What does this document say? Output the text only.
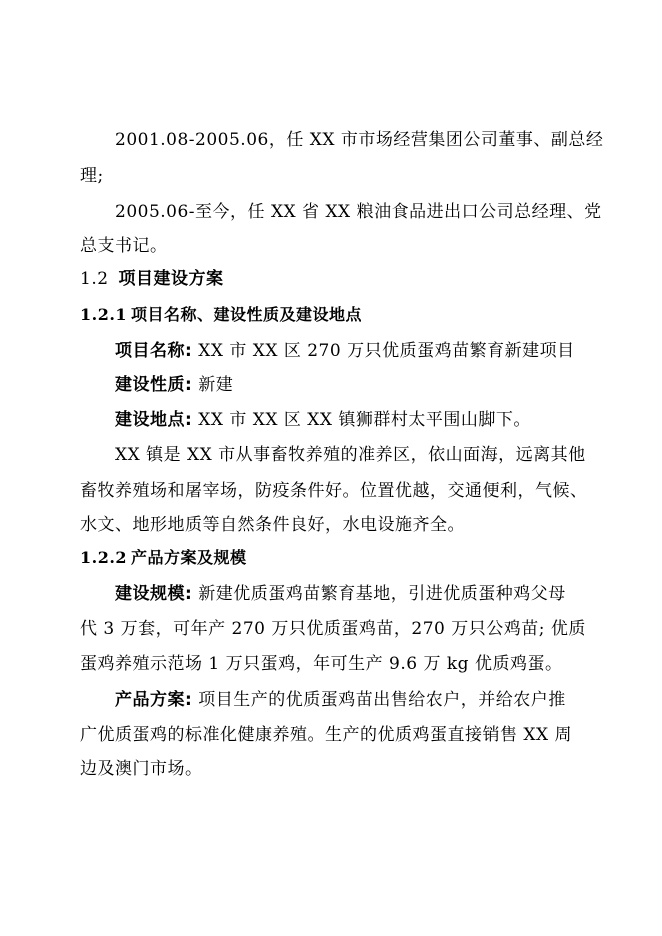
2001.08-2005.06，任 XX 市市场经营集团公司董事、副总经
理;
2005.06-至今，任 XX 省 XX 粮油食品进出口公司总经理、党
总支书记。
1.2 项目建设方案
1.2.1 项目名称、建设性质及建设地点
项目名称: XX 市 XX 区 270 万只优质蛋鸡苗繁育新建项目
建设性质: 新建
建设地点: XX 市 XX 区 XX 镇狮群村太平围山脚下。
XX 镇是 XX 市从事畜牧养殖的准养区，依山面海，远离其他
畜牧养殖场和屠宰场，防疫条件好。位置优越，交通便利，气候、
水文、地形地质等自然条件良好，水电设施齐全。
1.2.2 产品方案及规模
建设规模: 新建优质蛋鸡苗繁育基地，引进优质蛋种鸡父母
代 3 万套，可年产 270 万只优质蛋鸡苗，270 万只公鸡苗; 优质
蛋鸡养殖示范场 1 万只蛋鸡，年可生产 9.6 万 kg 优质鸡蛋。
产品方案: 项目生产的优质蛋鸡苗出售给农户，并给农户推
广优质蛋鸡的标准化健康养殖。生产的优质鸡蛋直接销售 XX 周
边及澳门市场。
